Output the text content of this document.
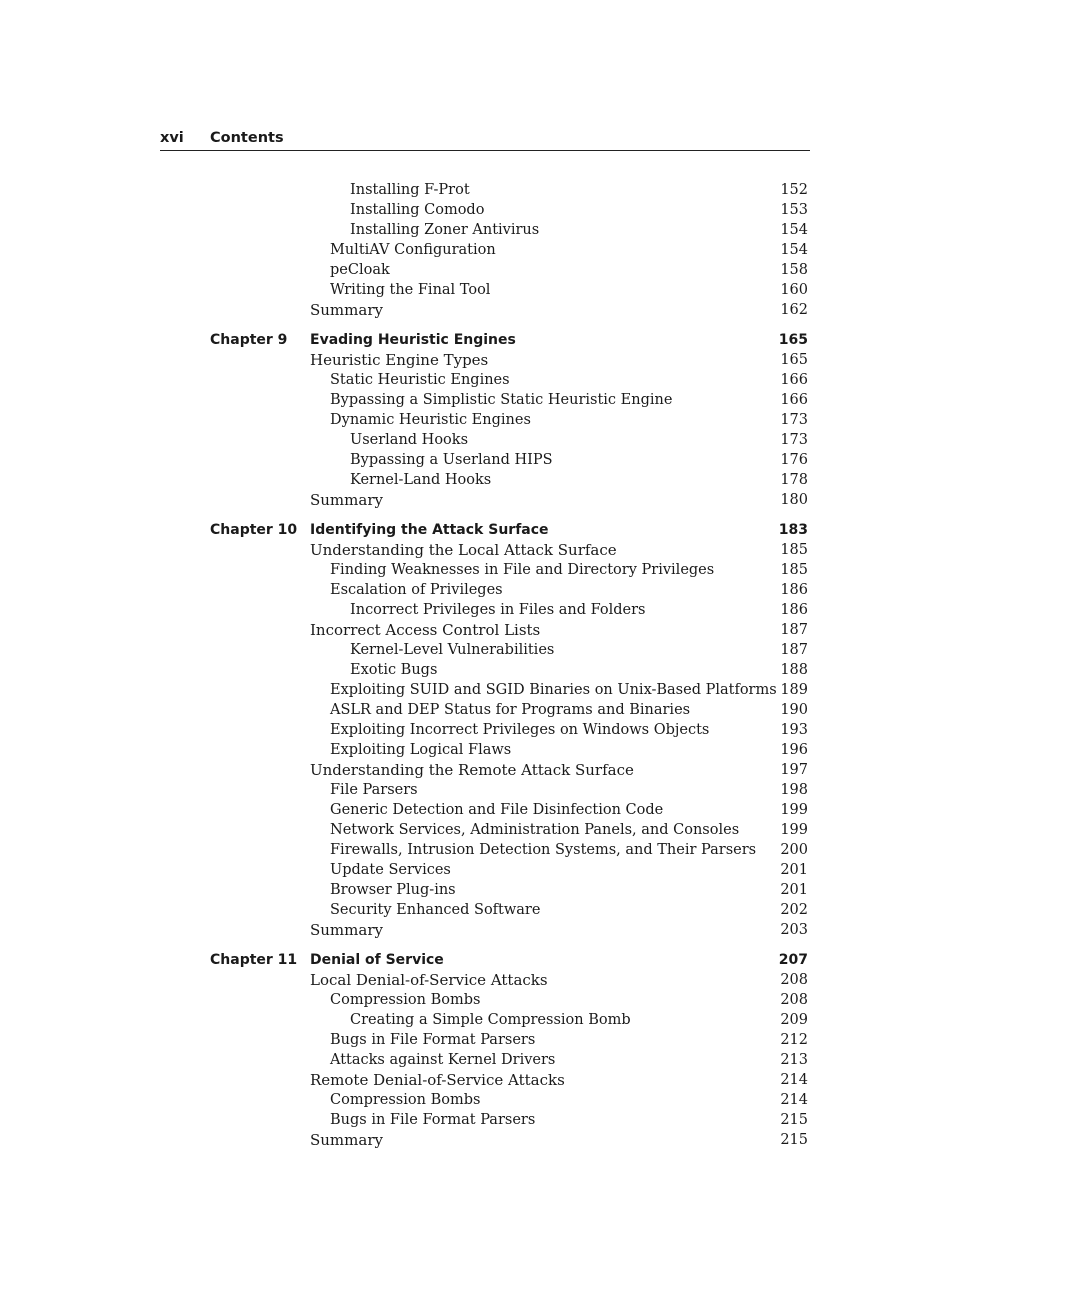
xvi Contents
Installing F-Prot	152
Installing Comodo	153
Installing Zoner Antivirus	154
MultiAV Configuration	154
peCloak	158
Writing the Final Tool	160
Summary	162
Chapter 9 Evading Heuristic Engines	165
Heuristic Engine Types	165
Static Heuristic Engines	166
Bypassing a Simplistic Static Heuristic Engine	166
Dynamic Heuristic Engines	173
Userland Hooks	173
Bypassing a Userland HIPS	176
Kernel-Land Hooks	178
Summary	180
Chapter 10 Identifying the Attack Surface	183
Understanding the Local Attack Surface	185
Finding Weaknesses in File and Directory Privileges	185
Escalation of Privileges	186
Incorrect Privileges in Files and Folders	186
Incorrect Access Control Lists	187
Kernel-Level Vulnerabilities	187
Exotic Bugs	188
Exploiting SUID and SGID Binaries on Unix-Based Platforms 189
ASLR and DEP Status for Programs and Binaries	190
Exploiting Incorrect Privileges on Windows Objects	193
Exploiting Logical Flaws	196
Understanding the Remote Attack Surface	197
File Parsers	198
Generic Detection and File Disinfection Code	199
Network Services, Administration Panels, and Consoles	199
Firewalls, Intrusion Detection Systems, and Their Parsers 200
Update Services	201
Browser Plug-ins	201
Security Enhanced Software	202
Summary	203
Chapter 11 Denial of Service	207
Local Denial-of-Service Attacks	208
Compression Bombs	208
Creating a Simple Compression Bomb	209
Bugs in File Format Parsers	212
Attacks against Kernel Drivers	213
Remote Denial-of-Service Attacks	214
Compression Bombs	214
Bugs in File Format Parsers	215
Summary	215
